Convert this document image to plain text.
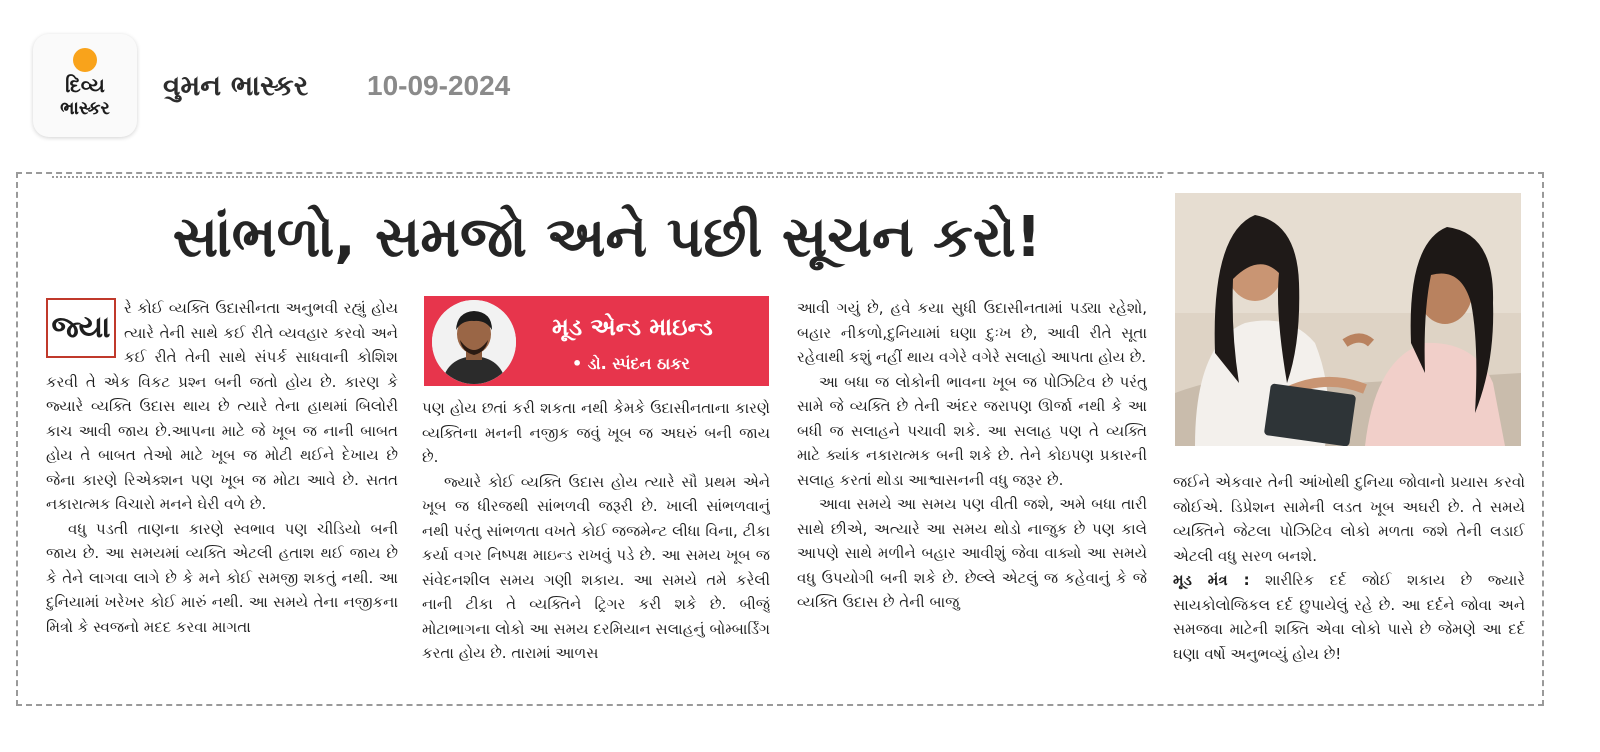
દિવ્ય
ભાસ્કર
વુમન ભાસ્કર 10-09-2024
સાંભળો, સમજો અને પછી સૂચન કરો!
જ્યા

રે કોઈ વ્યક્તિ ઉદાસીનતા અનુભવી રહ્યું હોય ત્યારે તેની સાથે કઈ રીતે વ્યવહાર કરવો અને કઈ રીતે તેની સાથે સંપર્ક સાધવાની કોશિશ કરવી તે એક વિકટ પ્રશ્ન બની જતો હોય છે. કારણ કે જ્યારે વ્યક્તિ ઉદાસ થાય છે ત્યારે તેના હાથમાં બિલોરી કાચ આવી જાય છે.આપના માટે જે ખૂબ જ નાની બાબત હોય તે બાબત તેઓ માટે ખૂબ જ મોટી થઈને દેખાય છે જેના કારણે રિએક્શન પણ ખૂબ જ મોટા આવે છે. સતત નકારાત્મક વિચારો મનને ઘેરી વળે છે.

વધુ પડતી તાણના કારણે સ્વભાવ પણ ચીડિયો બની જાય છે. આ સમયમાં વ્યક્તિ એટલી હતાશ થઈ જાય છે કે તેને લાગવા લાગે છે કે મને કોઈ સમજી શકતું નથી. આ દુનિયામાં ખરેખર કોઈ મારું નથી. આ સમયે તેના નજીકના મિત્રો કે સ્વજનો મદદ કરવા માગતા

મૂડ એન્ડ માઇન્ડ
• ડો. સ્પંદન ઠાકર

પણ હોય છતાં કરી શકતા નથી કેમકે ઉદાસીનતાના કારણે વ્યક્તિના મનની નજીક જવું ખૂબ જ અઘરું બની જાય છે.

જ્યારે કોઈ વ્યક્તિ ઉદાસ હોય ત્યારે સૌ પ્રથમ એને ખૂબ જ ધીરજથી સાંભળવી જરૂરી છે. ખાલી સાંભળવાનું નથી પરંતુ સાંભળતા વખતે કોઈ જજમેન્ટ લીધા વિના, ટીકા કર્યા વગર નિષ્પક્ષ માઇન્ડ રાખવું પડે છે. આ સમય ખૂબ જ સંવેદનશીલ સમય ગણી શકાય. આ સમયે તમે કરેલી નાની ટીકા તે વ્યક્તિને ટ્રિગર કરી શકે છે. બીજું મોટાભાગના લોકો આ સમય દરમિયાન સલાહનું બોમ્બાર્ડિંગ કરતા હોય છે. તારામાં આળસ

આવી ગયું છે, હવે કયા સુધી ઉદાસીનતામાં પડ્યા રહેશો, બહાર નીકળો,દુનિયામાં ઘણા દુઃખ છે, આવી રીતે સૂતા રહેવાથી કશું નહીં થાય વગેરે વગેરે સલાહો આપતા હોય છે.

આ બધા જ લોકોની ભાવના ખૂબ જ પોઝિટિવ છે પરંતુ સામે જે વ્યક્તિ છે તેની અંદર જરાપણ ઊર્જા નથી કે આ બધી જ સલાહને પચાવી શકે. આ સલાહ પણ તે વ્યક્તિ માટે ક્યાંક નકારાત્મક બની શકે છે. તેને કોઇપણ પ્રકારની સલાહ કરતાં થોડા આશ્વાસનની વધુ જરૂર છે.

આવા સમયે આ સમય પણ વીતી જશે, અમે બધા તારી સાથે છીએ, અત્યારે આ સમય થોડો નાજુક છે પણ કાલે આપણે સાથે મળીને બહાર આવીશું જેવા વાક્યો આ સમયે વધુ ઉપયોગી બની શકે છે. છેલ્લે એટલું જ કહેવાનું કે જે વ્યક્તિ ઉદાસ છે તેની બાજુ

જઈને એકવાર તેની આંખોથી દુનિયા જોવાનો પ્રયાસ કરવો જોઈએ. ડિપ્રેશન સામેની લડત ખૂબ અઘરી છે. તે સમયે વ્યક્તિને જેટલા પોઝિટિવ લોકો મળતા જશે તેની લડાઈ એટલી વધુ સરળ બનશે.

મૂડ મંત્ર : શારીરિક દર્દ જોઈ શકાય છે જ્યારે સાયકોલોજિકલ દર્દ છુપાયેલું રહે છે. આ દર્દને જોવા અને સમજવા માટેની શક્તિ એવા લોકો પાસે છે જેમણે આ દર્દ ઘણા વર્ષો અનુભવ્યું હોય છે!
